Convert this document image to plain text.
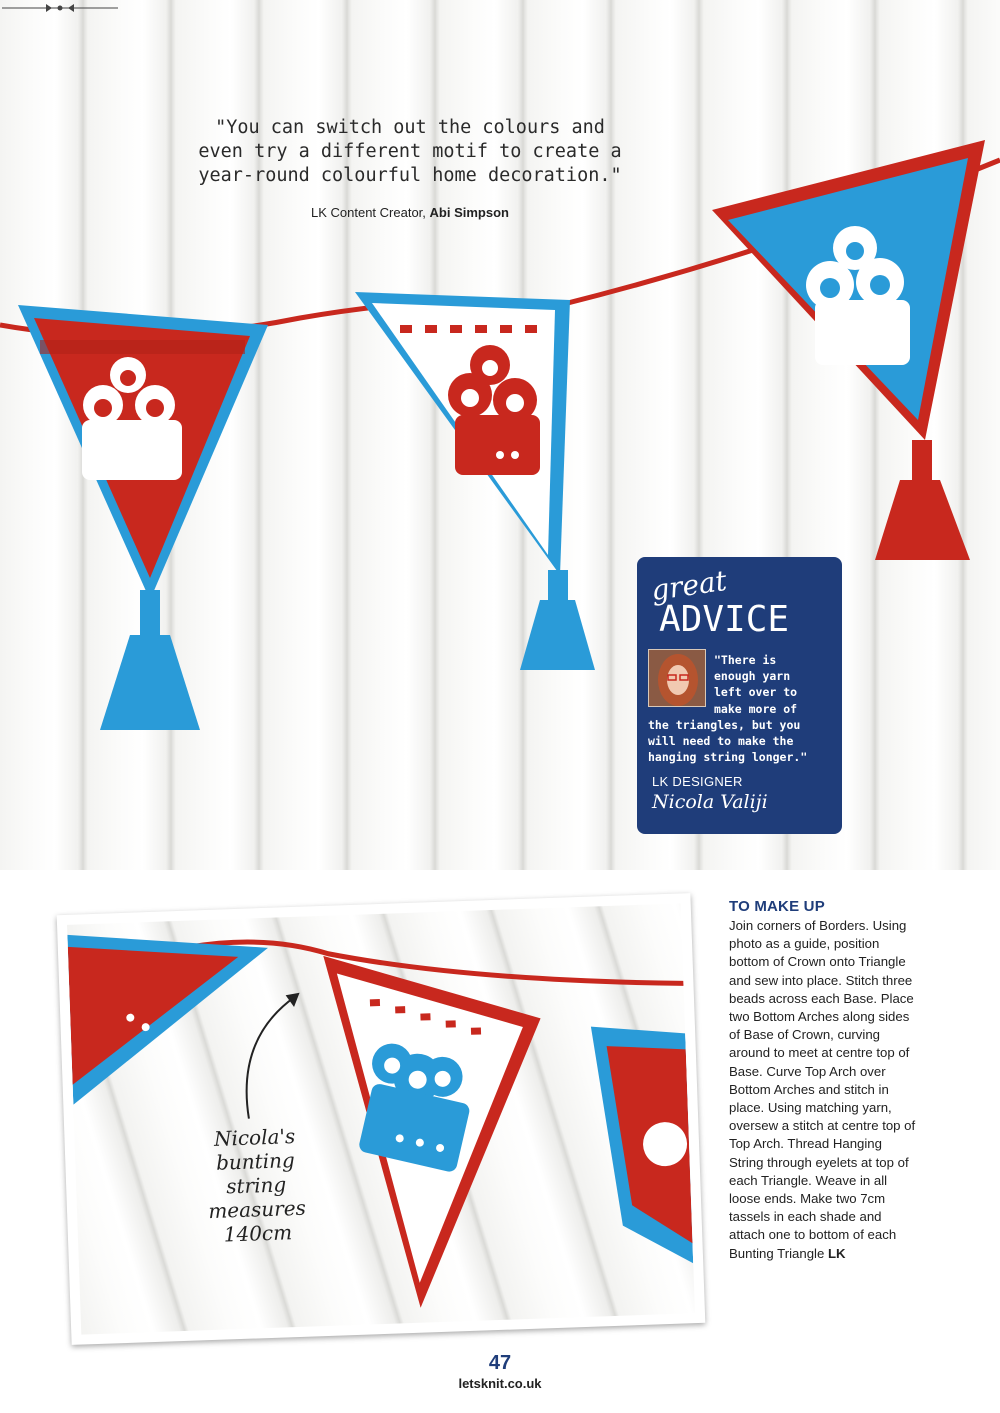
"You can switch out the colours and
even try a different motif to create a
year-round colourful home decoration."
LK Content Creator, Abi Simpson
great
ADVICE
"There is
enough yarn
left over to
make more of
the triangles, but you
will need to make the
hanging string longer."
LK DESIGNER
Nicola Valiji
Nicola's
bunting string
measures
140cm
TO MAKE UP
Join corners of Borders. Using photo as a guide, position bottom of Crown onto Triangle and sew into place. Stitch three beads across each Base. Place two Bottom Arches along sides of Base of Crown, curving around to meet at centre top of Base. Curve Top Arch over Bottom Arches and stitch in place. Using matching yarn, oversew a stitch at centre top of Top Arch. Thread Hanging String through eyelets at top of each Triangle. Weave in all loose ends. Make two 7cm tassels in each shade and attach one to bottom of each Bunting Triangle LK
47
letsknit.co.uk
